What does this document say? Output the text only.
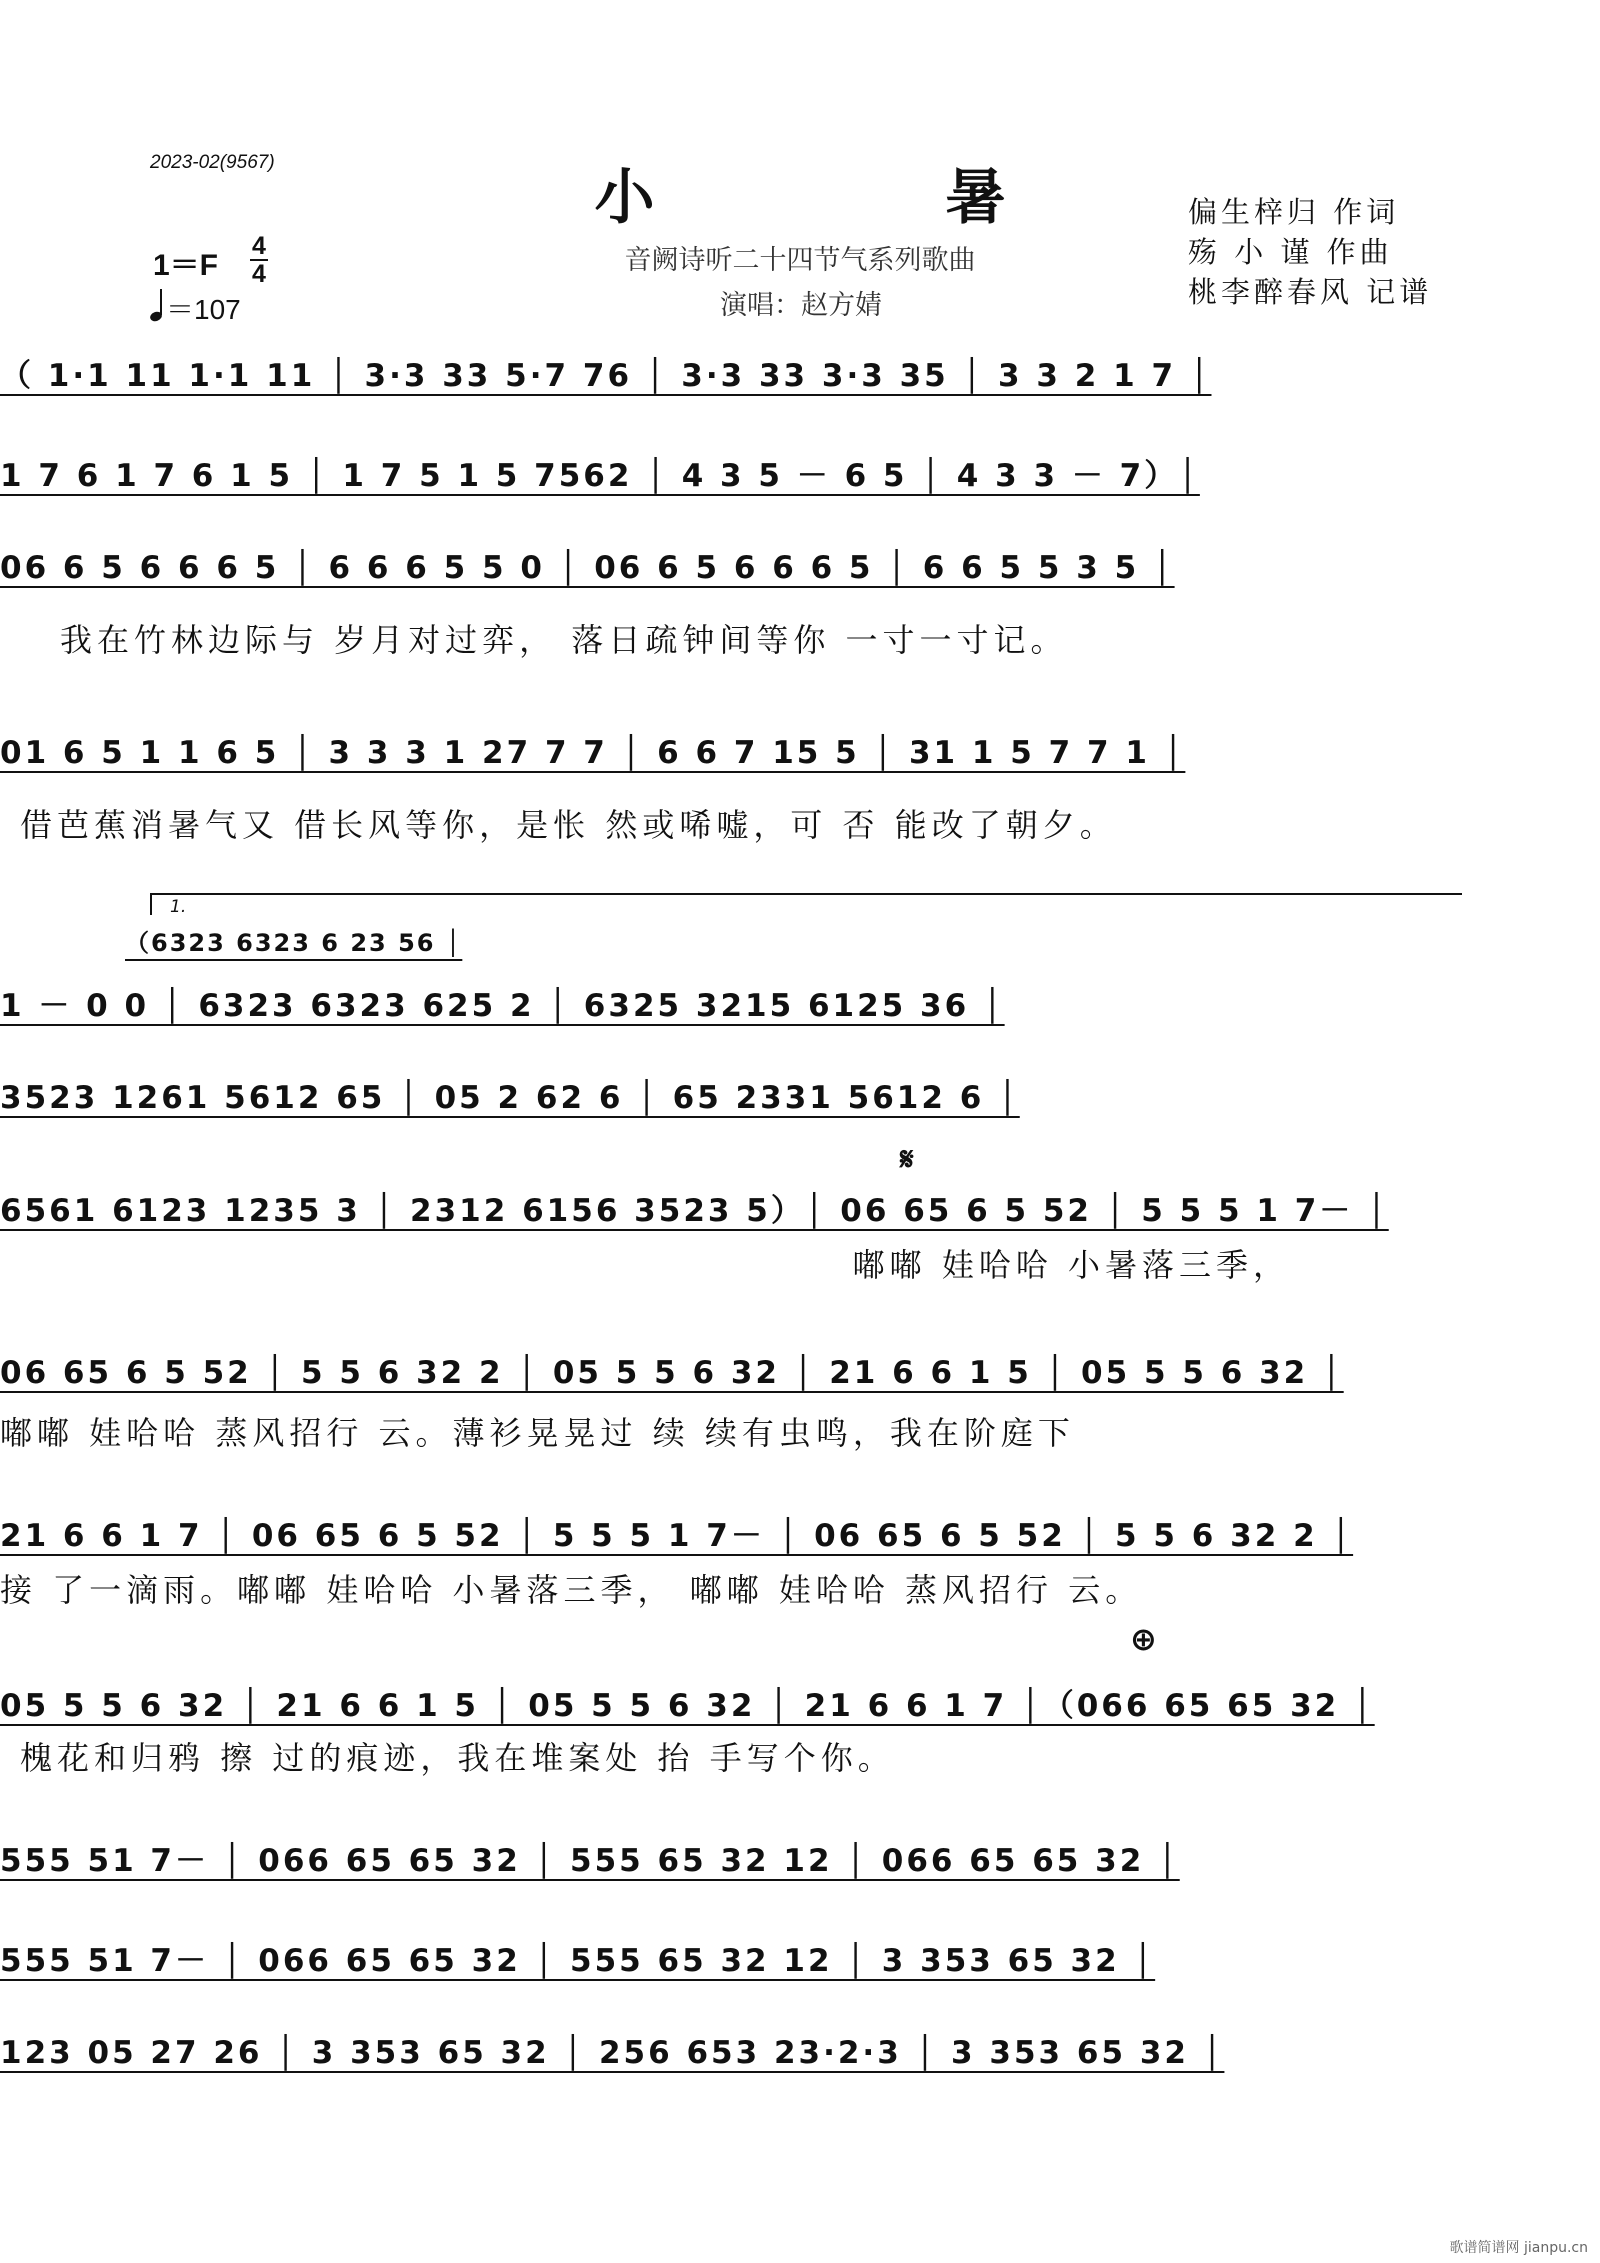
2023-02(9567)
小 暑
音阙诗听二十四节气系列歌曲
演唱：赵方婧
偏生梓归 作词
殇 小 谨 作曲
桃李醉春风 记谱
$1=F \frac{4}{4}$
＝107
（ 1·1 11 1·1 11 │ 3·3 33 5·7 76 │ 3·3 33 3·3 35 │ 3 3 2 1 7 │
1 7 6 1 7 6 1 5 │ 1 7 5 1 5 7562 │ 4 3 5 － 6 5 │ 4 3 3 － 7）│
06 6 5 6 6 6 5 │ 6 6 6 5 5 0 │ 06 6 5 6 6 6 5 │ 6 6 5 5 3 5 │
我在竹林边际与 岁月对过弈， 落日疏钟间等你 一寸一寸记。
01 6 5 1 1 6 5 │ 3 3 3 1 27 7 7 │ 6 6 7 15 5 │ 31 1 5 7 7 1 │
借芭蕉消暑气又 借长风等你，是怅 然或唏嘘，可 否 能改了朝夕。
1.
（6323 6323 6 23 56 │
1 － 0 0 │ 6323 6323 625 2 │ 6325 3215 6125 36 │
3523 1261 5612 65 │ 05 2 62 6 │ 65 2331 5612 6 │
𝄋
6561 6123 1235 3 │ 2312 6156 3523 5）│ 06 65 6 5 52 │ 5 5 5 1 7－ │
嘟嘟 娃哈哈 小暑落三季，
06 65 6 5 52 │ 5 5 6 32 2 │ 05 5 5 6 32 │ 21 6 6 1 5 │ 05 5 5 6 32 │
嘟嘟 娃哈哈 蒸风招行 云。薄衫晃晃过 续 续有虫鸣，我在阶庭下
21 6 6 1 7 │ 06 65 6 5 52 │ 5 5 5 1 7－ │ 06 65 6 5 52 │ 5 5 6 32 2 │
接 了一滴雨。嘟嘟 娃哈哈 小暑落三季， 嘟嘟 娃哈哈 蒸风招行 云。
⊕
05 5 5 6 32 │ 21 6 6 1 5 │ 05 5 5 6 32 │ 21 6 6 1 7 │（066 65 65 32 │
槐花和归鸦 擦 过的痕迹，我在堆案处 抬 手写个你。
555 51 7－ │ 066 65 65 32 │ 555 65 32 12 │ 066 65 65 32 │
555 51 7－ │ 066 65 65 32 │ 555 65 32 12 │ 3 353 65 32 │
123 05 27 26 │ 3 353 65 32 │ 256 653 23·2·3 │ 3 353 65 32 │
歌谱简谱网 jianpu.cn
